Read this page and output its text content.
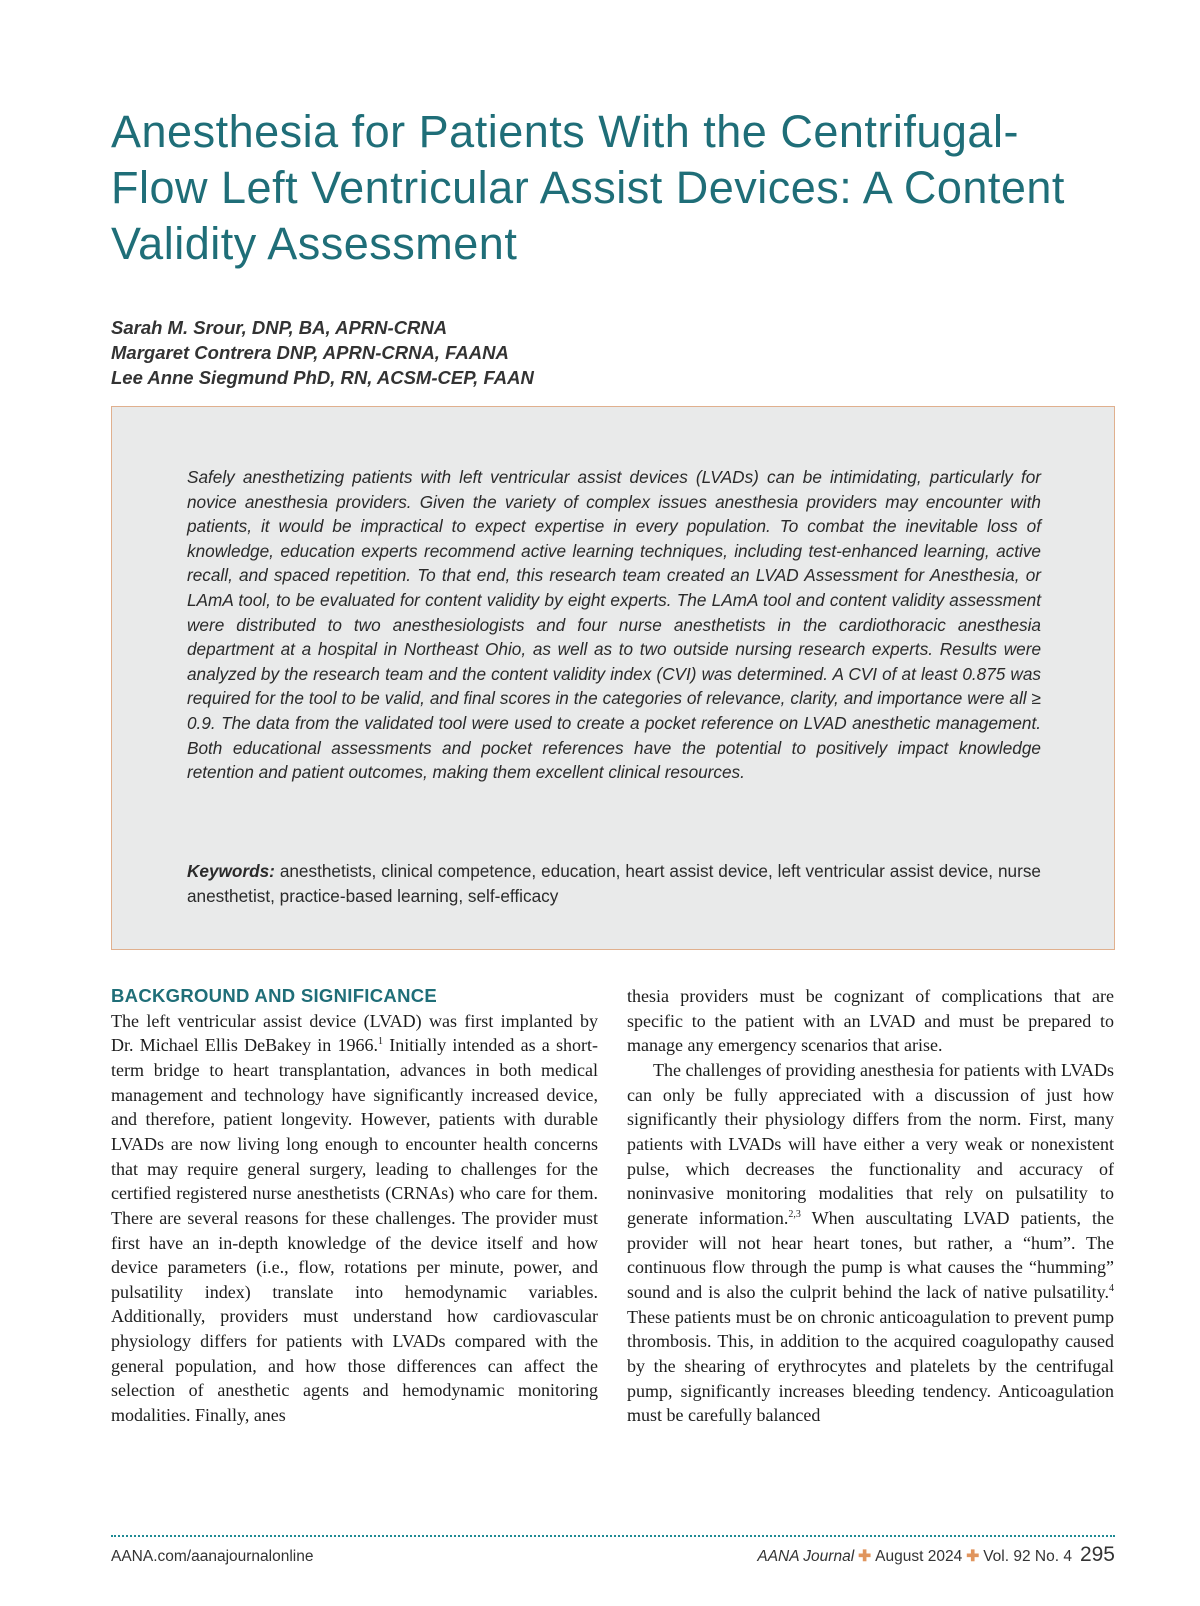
Anesthesia for Patients With the Centrifugal-Flow Left Ventricular Assist Devices: A Content Validity Assessment
Sarah M. Srour, DNP, BA, APRN-CRNA
Margaret Contrera DNP, APRN-CRNA, FAANA
Lee Anne Siegmund PhD, RN, ACSM-CEP, FAAN

Safely anesthetizing patients with left ventricular assist devices (LVADs) can be intimidating, particularly for novice anesthesia providers. Given the variety of complex issues anesthesia providers may encounter with patients, it would be impractical to expect expertise in every population. To combat the inevitable loss of knowledge, education experts recommend active learning techniques, including test-enhanced learning, active recall, and spaced repetition. To that end, this research team created an LVAD Assessment for Anesthesia, or LAmA tool, to be evaluated for content validity by eight experts. The LAmA tool and content validity assessment were distributed to two anesthesiologists and four nurse anesthetists in the cardiothoracic anesthesia department at a hospital in Northeast Ohio, as well as to two outside nursing research experts. Results were analyzed by the research team and the content validity index (CVI) was determined. A CVI of at least 0.875 was required for the tool to be valid, and final scores in the categories of relevance, clarity, and importance were all ≥ 0.9. The data from the validated tool were used to create a pocket reference on LVAD anesthetic management. Both educational assessments and pocket references have the potential to positively impact knowledge retention and patient outcomes, making them excellent clinical resources.

Keywords: anesthetists, clinical competence, education, heart assist device, left ventricular assist device, nurse anesthetist, practice-based learning, self-efficacy

BACKGROUND AND SIGNIFICANCE

The left ventricular assist device (LVAD) was first implanted by Dr. Michael Ellis DeBakey in 1966.$^1$ Initially intended as a short-term bridge to heart transplantation, advances in both medical management and technology have significantly increased device, and therefore, patient longevity. However, patients with durable LVADs are now living long enough to encounter health concerns that may require general surgery, leading to challenges for the certified registered nurse anesthetists (CRNAs) who care for them. There are several reasons for these challenges. The provider must first have an in-depth knowledge of the device itself and how device parameters (i.e., flow, rotations per minute, power, and pulsatility index) translate into hemodynamic variables. Additionally, providers must understand how cardiovascular physiology differs for patients with LVADs compared with the general population, and how those differences can affect the selection of anesthetic agents and hemodynamic monitoring modalities. Finally, anes

thesia providers must be cognizant of complications that are specific to the patient with an LVAD and must be prepared to manage any emergency scenarios that arise.

The challenges of providing anesthesia for patients with LVADs can only be fully appreciated with a discussion of just how significantly their physiology differs from the norm. First, many patients with LVADs will have either a very weak or nonexistent pulse, which decreases the functionality and accuracy of noninvasive monitoring modalities that rely on pulsatility to generate information.$^{2,3}$ When auscultating LVAD patients, the provider will not hear heart tones, but rather, a “hum”. The continuous flow through the pump is what causes the “humming” sound and is also the culprit behind the lack of native pulsatility.$^4$ These patients must be on chronic anticoagulation to prevent pump thrombosis. This, in addition to the acquired coagulopathy caused by the shearing of erythrocytes and platelets by the centrifugal pump, significantly increases bleeding tendency. Anticoagulation must be carefully balanced

AANA.com/aanajournalonline	AANA Journal ✚ August 2024 ✚ Vol. 92 No. 4 295
